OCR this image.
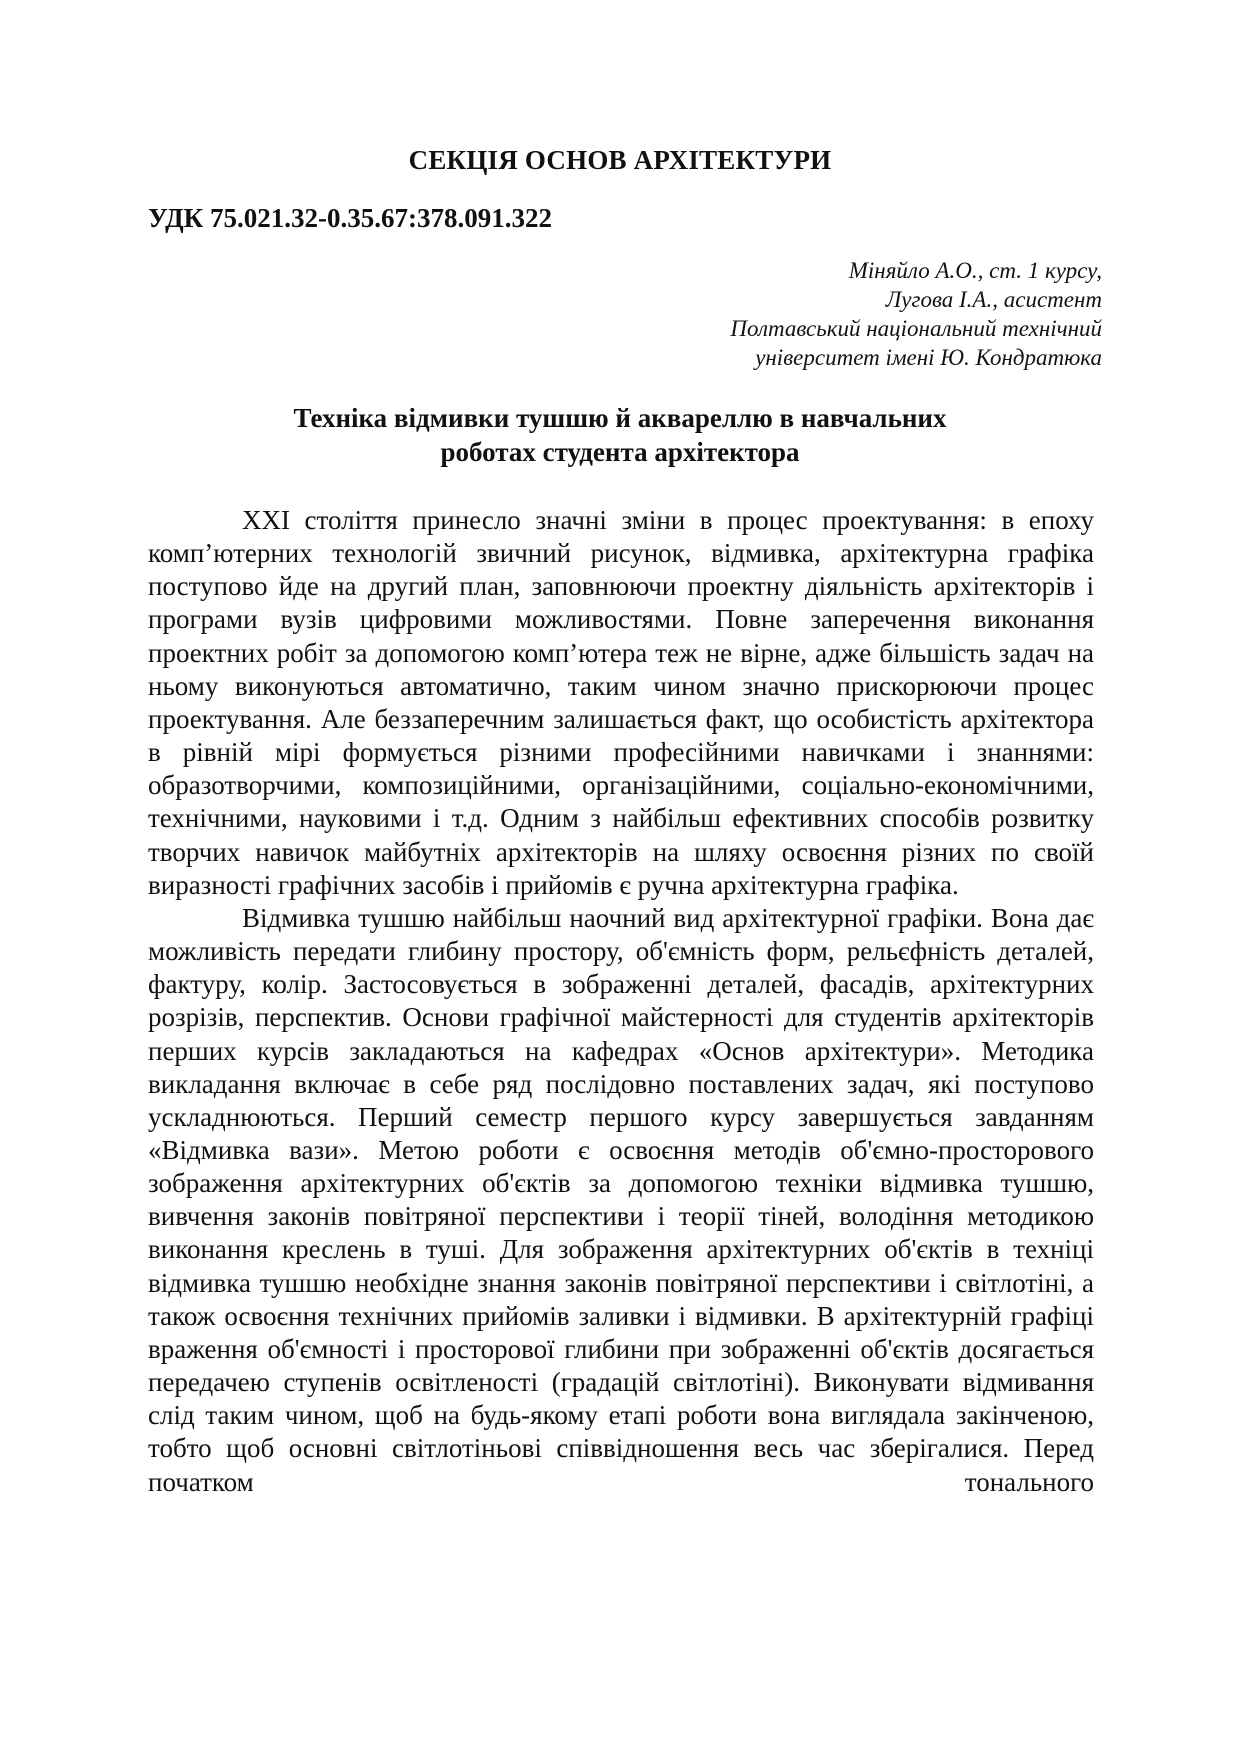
СЕКЦІЯ ОСНОВ АРХІТЕКТУРИ
УДК 75.021.32-0.35.67:378.091.322
Міняйло А.О., ст. 1 курсу,
Лугова І.А., асистент
Полтавський національний технічний
університет імені Ю. Кондратюка
Техніка відмивки тушшю й аквареллю в навчальних
роботах студента архітектора

XXI століття принесло значні зміни в процес проектування: в епоху комп’ютерних технологій звичний рисунок, відмивка, архітектурна графіка поступово йде на другий план, заповнюючи проектну діяльність архітекторів і програми вузів цифровими можливостями. Повне заперечення виконання проектних робіт за допомогою комп’ютера теж не вірне, адже більшість задач на ньому виконуються автоматично, таким чином значно прискорюючи процес проектування. Але беззаперечним залишається факт, що особистість архітектора в рівній мірі формується різними професійними навичками і знаннями: образотворчими, композиційними, організаційними, соціально-економічними, технічними, науковими і т.д. Одним з найбільш ефективних способів розвитку творчих навичок майбутніх архітекторів на шляху освоєння різних по своїй виразності графічних засобів і прийомів є ручна архітектурна графіка.

Відмивка тушшю найбільш наочний вид архітектурної графіки. Вона дає можливість передати глибину простору, об'ємність форм, рельєфність деталей, фактуру, колір. Застосовується в зображенні деталей, фасадів, архітектурних розрізів, перспектив. Основи графічної майстерності для студентів архітекторів перших курсів закладаються на кафедрах «Основ архітектури». Методика викладання включає в себе ряд послідовно поставлених задач, які поступово ускладнюються. Перший семестр першого курсу завершується завданням «Відмивка вази». Метою роботи є освоєння методів об'ємно-просторового зображення архітектурних об'єктів за допомогою техніки відмивка тушшю, вивчення законів повітряної перспективи і теорії тіней, володіння методикою виконання креслень в туші. Для зображення архітектурних об'єктів в техніці відмивка тушшю необхідне знання законів повітряної перспективи і світлотіні, а також освоєння технічних прийомів заливки і відмивки. В архітектурній графіці враження об'ємності і просторової глибини при зображенні об'єктів досягається передачею ступенів освітленості (градацій світлотіні). Виконувати відмивання слід таким чином, щоб на будь-якому етапі роботи вона виглядала закінченою, тобто щоб основні світлотіньові співвідношення весь час зберігалися. Перед початком тонального
